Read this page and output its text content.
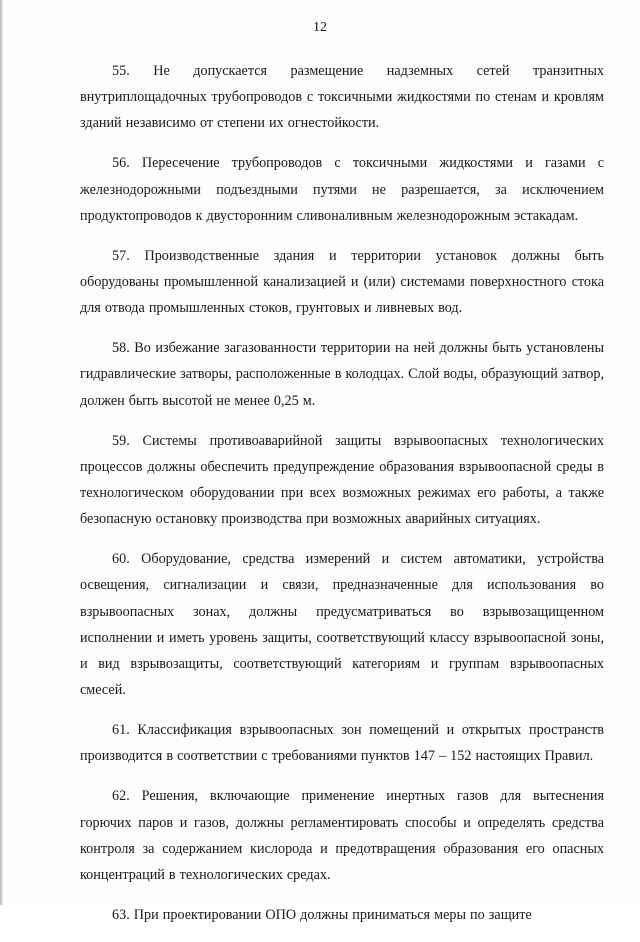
12

55. Не допускается размещение надземных сетей транзитных внутриплощадочных трубопроводов с токсичными жидкостями по стенам и кровлям зданий независимо от степени их огнестойкости.

56. Пересечение трубопроводов с токсичными жидкостями и газами с железнодорожными подъездными путями не разрешается, за исключением продуктопроводов к двусторонним сливоналивным железнодорожным эстакадам.

57. Производственные здания и территории установок должны быть оборудованы промышленной канализацией и (или) системами поверхностного стока для отвода промышленных стоков, грунтовых и ливневых вод.

58. Во избежание загазованности территории на ней должны быть установлены гидравлические затворы, расположенные в колодцах. Слой воды, образующий затвор, должен быть высотой не менее 0,25 м.

59. Системы противоаварийной защиты взрывоопасных технологических процессов должны обеспечить предупреждение образования взрывоопасной среды в технологическом оборудовании при всех возможных режимах его работы, а также безопасную остановку производства при возможных аварийных ситуациях.

60. Оборудование, средства измерений и систем автоматики, устройства освещения, сигнализации и связи, предназначенные для использования во взрывоопасных зонах, должны предусматриваться во взрывозащищенном исполнении и иметь уровень защиты, соответствующий классу взрывоопасной зоны, и вид взрывозащиты, соответствующий категориям и группам взрывоопасных смесей.

61. Классификация взрывоопасных зон помещений и открытых пространств производится в соответствии с требованиями пунктов 147 – 152 настоящих Правил.

62. Решения, включающие применение инертных газов для вытеснения горючих паров и газов, должны регламентировать способы и определять средства контроля за содержанием кислорода и предотвращения образования его опасных концентраций в технологических средах.

63. При проектировании ОПО должны приниматься меры по защите
